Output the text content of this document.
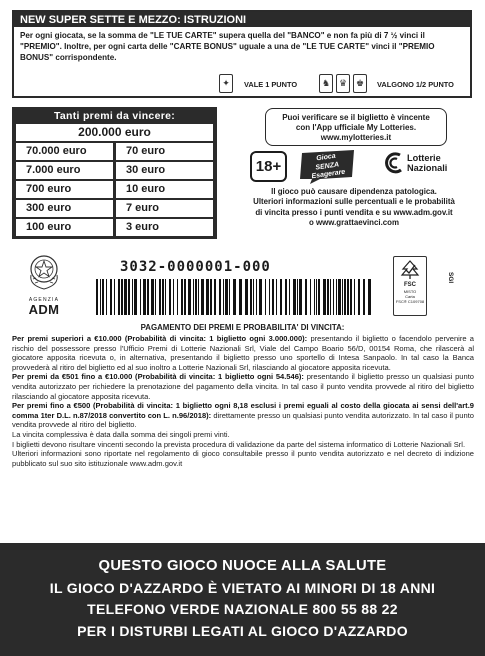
NEW SUPER SETTE E MEZZO: ISTRUZIONI
Per ogni giocata, se la somma de "LE TUE CARTE" supera quella del "BANCO" e non fa più di 7 ½ vinci il "PREMIO". Inoltre, per ogni carta delle "CARTE BONUS" uguale a una de "LE TUE CARTE" vinci il "PREMIO BONUS" corrispondente.
✦	VALE 1 PUNTO	♞ ♛ ♚	VALGONO 1/2 PUNTO
Tanti premi da vincere:
200.000 euro
70.000 euro	70 euro
7.000 euro	30 euro
700 euro	10 euro
300 euro	7 euro
100 euro	3 euro
Puoi verificare se il biglietto è vincente
con l'App ufficiale My Lotteries.
www.mylotteries.it
18+
Gioca
SENZA
Esagerare
Lotterie
Nazionali
Il gioco può causare dipendenza patologica.
Ulteriori informazioni sulle percentuali e le probabilità
di vincita presso i punti vendita e su www.adm.gov.it
o www.grattaevinci.com
AGENZIA
ADM
3032-0000001-000
FSC
MISTO
Carta
FSC® C109708
SGI
PAGAMENTO DEI PREMI E PROBABILITA' DI VINCITA:

Per premi superiori a €10.000 (Probabilità di vincita: 1 biglietto ogni 3.000.000): presentando il biglietto o facendolo pervenire a rischio del possessore presso l'Ufficio Premi di Lotterie Nazionali Srl, Viale del Campo Boario 56/D, 00154 Roma, che rilascerà al giocatore apposita ricevuta o, in alternativa, presentando il biglietto presso uno sportello di Intesa Sanpaolo. In tal caso la Banca provvederà al ritiro del biglietto ed al suo inoltro a Lotterie Nazionali Srl, rilasciando al giocatore apposita ricevuta.

Per premi da €501 fino a €10.000 (Probabilità di vincita: 1 biglietto ogni 54.546): presentando il biglietto presso un qualsiasi punto vendita autorizzato per richiedere la prenotazione del pagamento della vincita. In tal caso il punto vendita provvede al ritiro del biglietto rilasciando al giocatore apposita ricevuta.

Per premi fino a €500 (Probabilità di vincita: 1 biglietto ogni 8,18 esclusi i premi eguali al costo della giocata ai sensi dell'art.9 comma 1ter D.L. n.87/2018 convertito con L. n.96/2018): direttamente presso un qualsiasi punto vendita autorizzato. In tal caso il punto vendita provvede al ritiro del biglietto.

La vincita complessiva è data dalla somma dei singoli premi vinti.

I biglietti devono risultare vincenti secondo la prevista procedura di validazione da parte del sistema informatico di Lotterie Nazionali Srl.

Ulteriori informazioni sono riportate nel regolamento di gioco consultabile presso il punto vendita autorizzato e nel decreto di indizione pubblicato sul suo sito istituzionale www.adm.gov.it

QUESTO GIOCO NUOCE ALLA SALUTE
IL GIOCO D'AZZARDO È VIETATO AI MINORI DI 18 ANNI
TELEFONO VERDE NAZIONALE 800 55 88 22
PER I DISTURBI LEGATI AL GIOCO D'AZZARDO
